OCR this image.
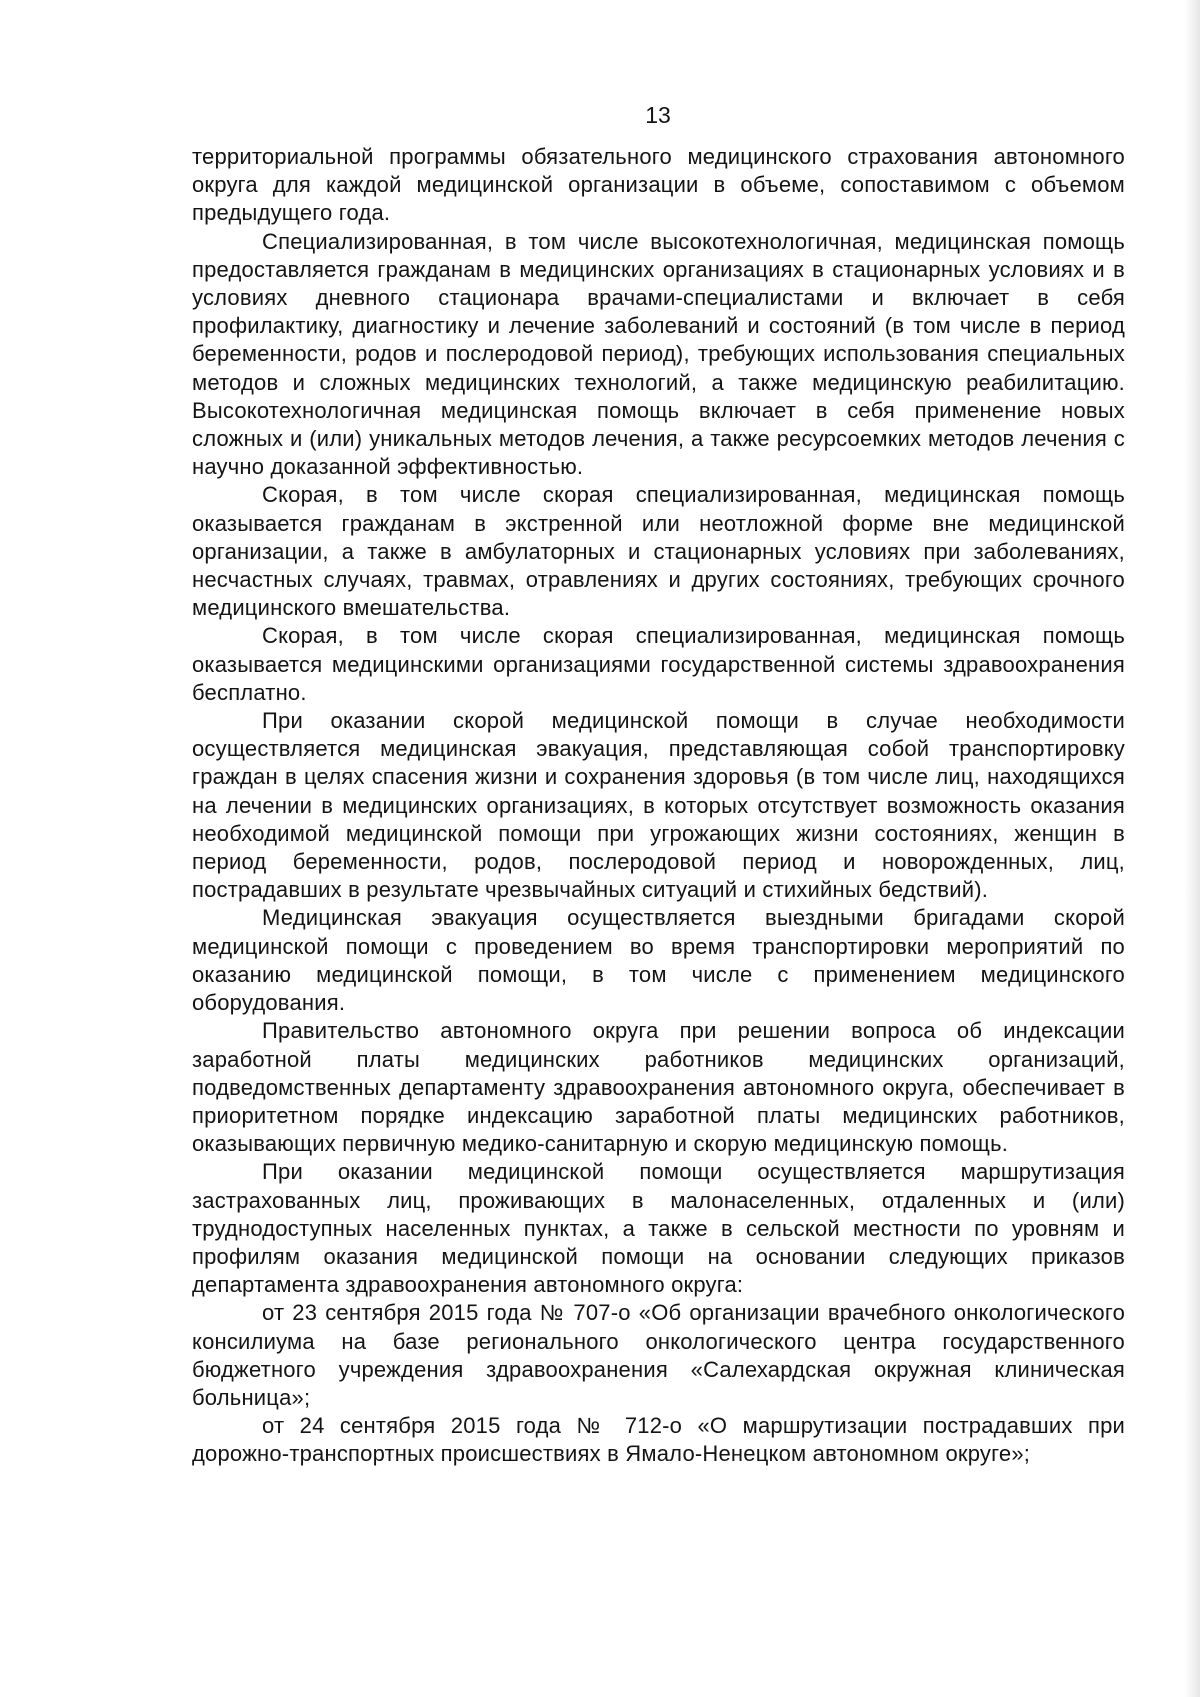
13

территориальной программы обязательного медицинского страхования автономного округа для каждой медицинской организации в объеме, сопоставимом с объемом предыдущего года.

Специализированная, в том числе высокотехнологичная, медицинская помощь предоставляется гражданам в медицинских организациях в стационарных условиях и в условиях дневного стационара врачами-специалистами и включает в себя профилактику, диагностику и лечение заболеваний и состояний (в том числе в период беременности, родов и послеродовой период), требующих использования специальных методов и сложных медицинских технологий, а также медицинскую реабилитацию. Высокотехнологичная медицинская помощь включает в себя применение новых сложных и (или) уникальных методов лечения, а также ресурсоемких методов лечения с научно доказанной эффективностью.

Скорая, в том числе скорая специализированная, медицинская помощь оказывается гражданам в экстренной или неотложной форме вне медицинской организации, а также в амбулаторных и стационарных условиях при заболеваниях, несчастных случаях, травмах, отравлениях и других состояниях, требующих срочного медицинского вмешательства.

Скорая, в том числе скорая специализированная, медицинская помощь оказывается медицинскими организациями государственной системы здравоохранения бесплатно.

При оказании скорой медицинской помощи в случае необходимости осуществляется медицинская эвакуация, представляющая собой транспортировку граждан в целях спасения жизни и сохранения здоровья (в том числе лиц, находящихся на лечении в медицинских организациях, в которых отсутствует возможность оказания необходимой медицинской помощи при угрожающих жизни состояниях, женщин в период беременности, родов, послеродовой период и новорожденных, лиц, пострадавших в результате чрезвычайных ситуаций и стихийных бедствий).

Медицинская эвакуация осуществляется выездными бригадами скорой медицинской помощи с проведением во время транспортировки мероприятий по оказанию медицинской помощи, в том числе с применением медицинского оборудования.

Правительство автономного округа при решении вопроса об индексации заработной платы медицинских работников медицинских организаций, подведомственных департаменту здравоохранения автономного округа, обеспечивает в приоритетном порядке индексацию заработной платы медицинских работников, оказывающих первичную медико-санитарную и скорую медицинскую помощь.

При оказании медицинской помощи осуществляется маршрутизация застрахованных лиц, проживающих в малонаселенных, отдаленных и (или) труднодоступных населенных пунктах, а также в сельской местности по уровням и профилям оказания медицинской помощи на основании следующих приказов департамента здравоохранения автономного округа:

от 23 сентября 2015 года № 707-о «Об организации врачебного онкологического консилиума на базе регионального онкологического центра государственного бюджетного учреждения здравоохранения «Салехардская окружная клиническая больница»;

от 24 сентября 2015 года № 712-о «О маршрутизации пострадавших при дорожно-транспортных происшествиях в Ямало-Ненецком автономном округе»;
